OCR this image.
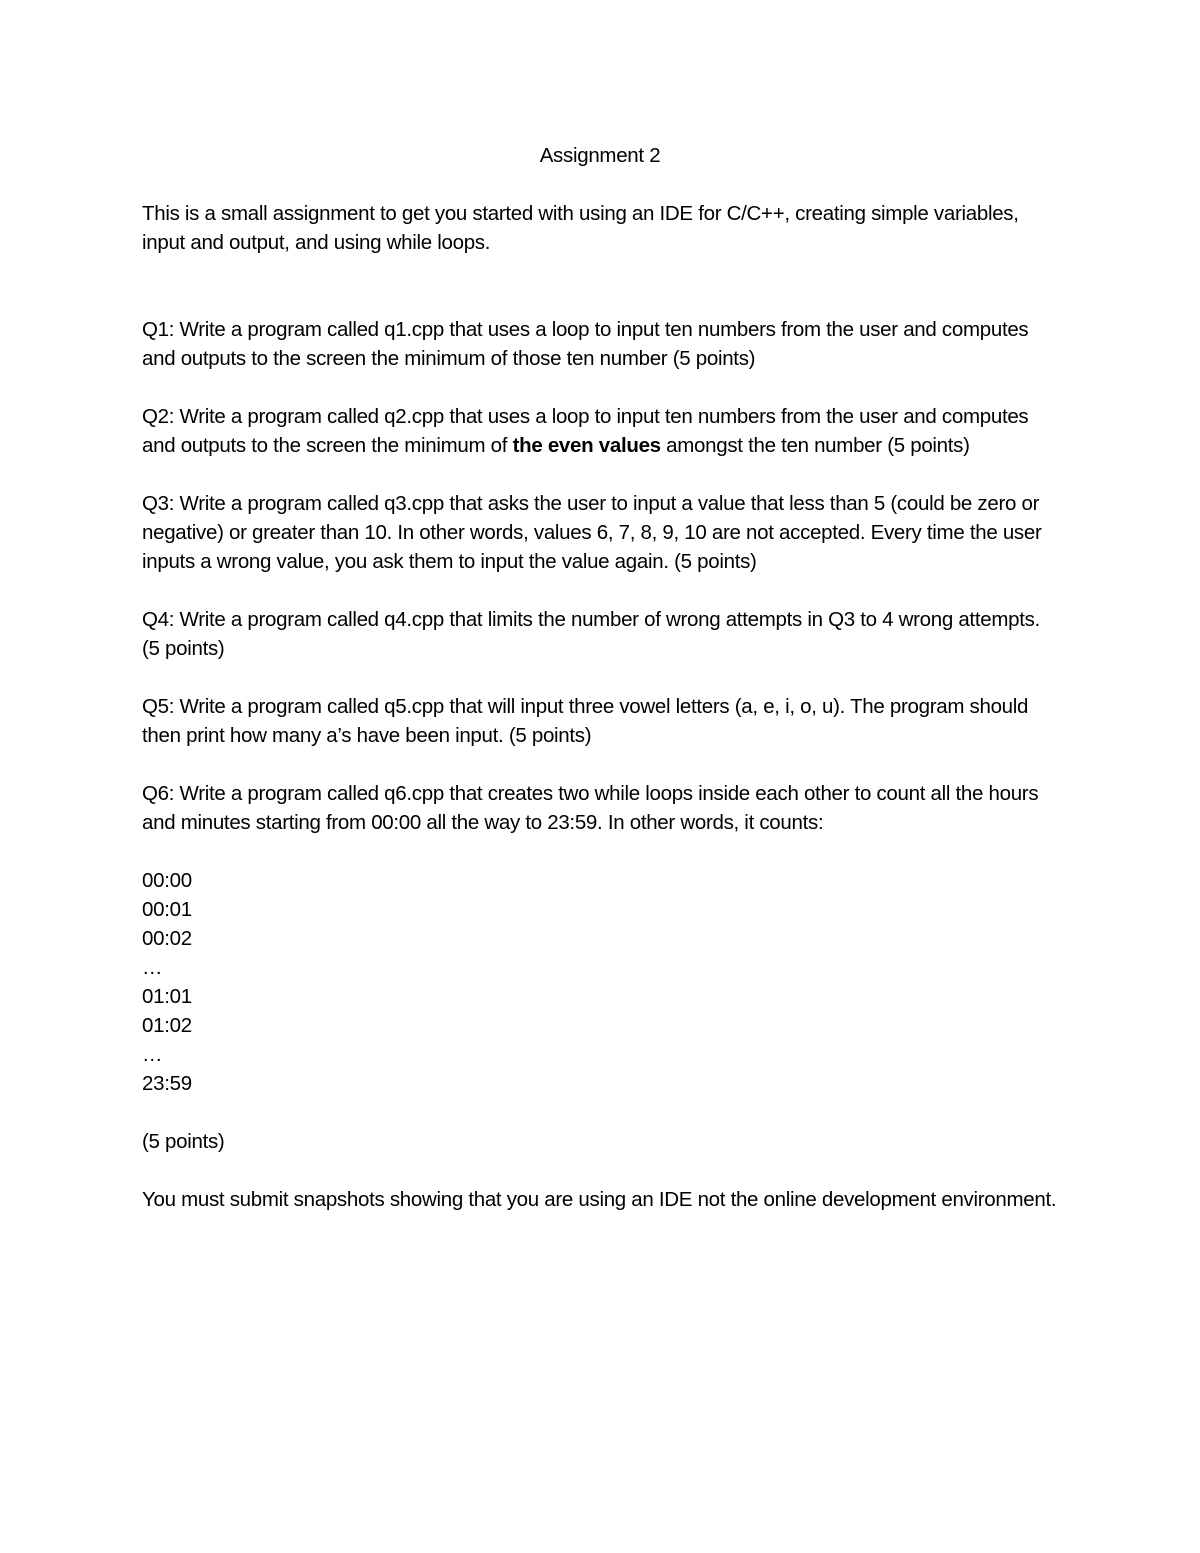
Assignment 2

This is a small assignment to get you started with using an IDE for C/C++, creating simple variables, input and output, and using while loops.

Q1: Write a program called q1.cpp that uses a loop to input ten numbers from the user and computes and outputs to the screen the minimum of those ten number (5 points)

Q2: Write a program called q2.cpp that uses a loop to input ten numbers from the user and computes and outputs to the screen the minimum of the even values amongst the ten number (5 points)

Q3: Write a program called q3.cpp that asks the user to input a value that less than 5 (could be zero or negative) or greater than 10. In other words, values 6, 7, 8, 9, 10 are not accepted. Every time the user inputs a wrong value, you ask them to input the value again. (5 points)

Q4: Write a program called q4.cpp that limits the number of wrong attempts in Q3 to 4 wrong attempts. (5 points)

Q5: Write a program called q5.cpp that will input three vowel letters (a, e, i, o, u). The program should then print how many a’s have been input. (5 points)

Q6: Write a program called q6.cpp that creates two while loops inside each other to count all the hours and minutes starting from 00:00 all the way to 23:59. In other words, it counts:

00:00
00:01
00:02
…
01:01
01:02
…
23:59

(5 points)

You must submit snapshots showing that you are using an IDE not the online development environment.
